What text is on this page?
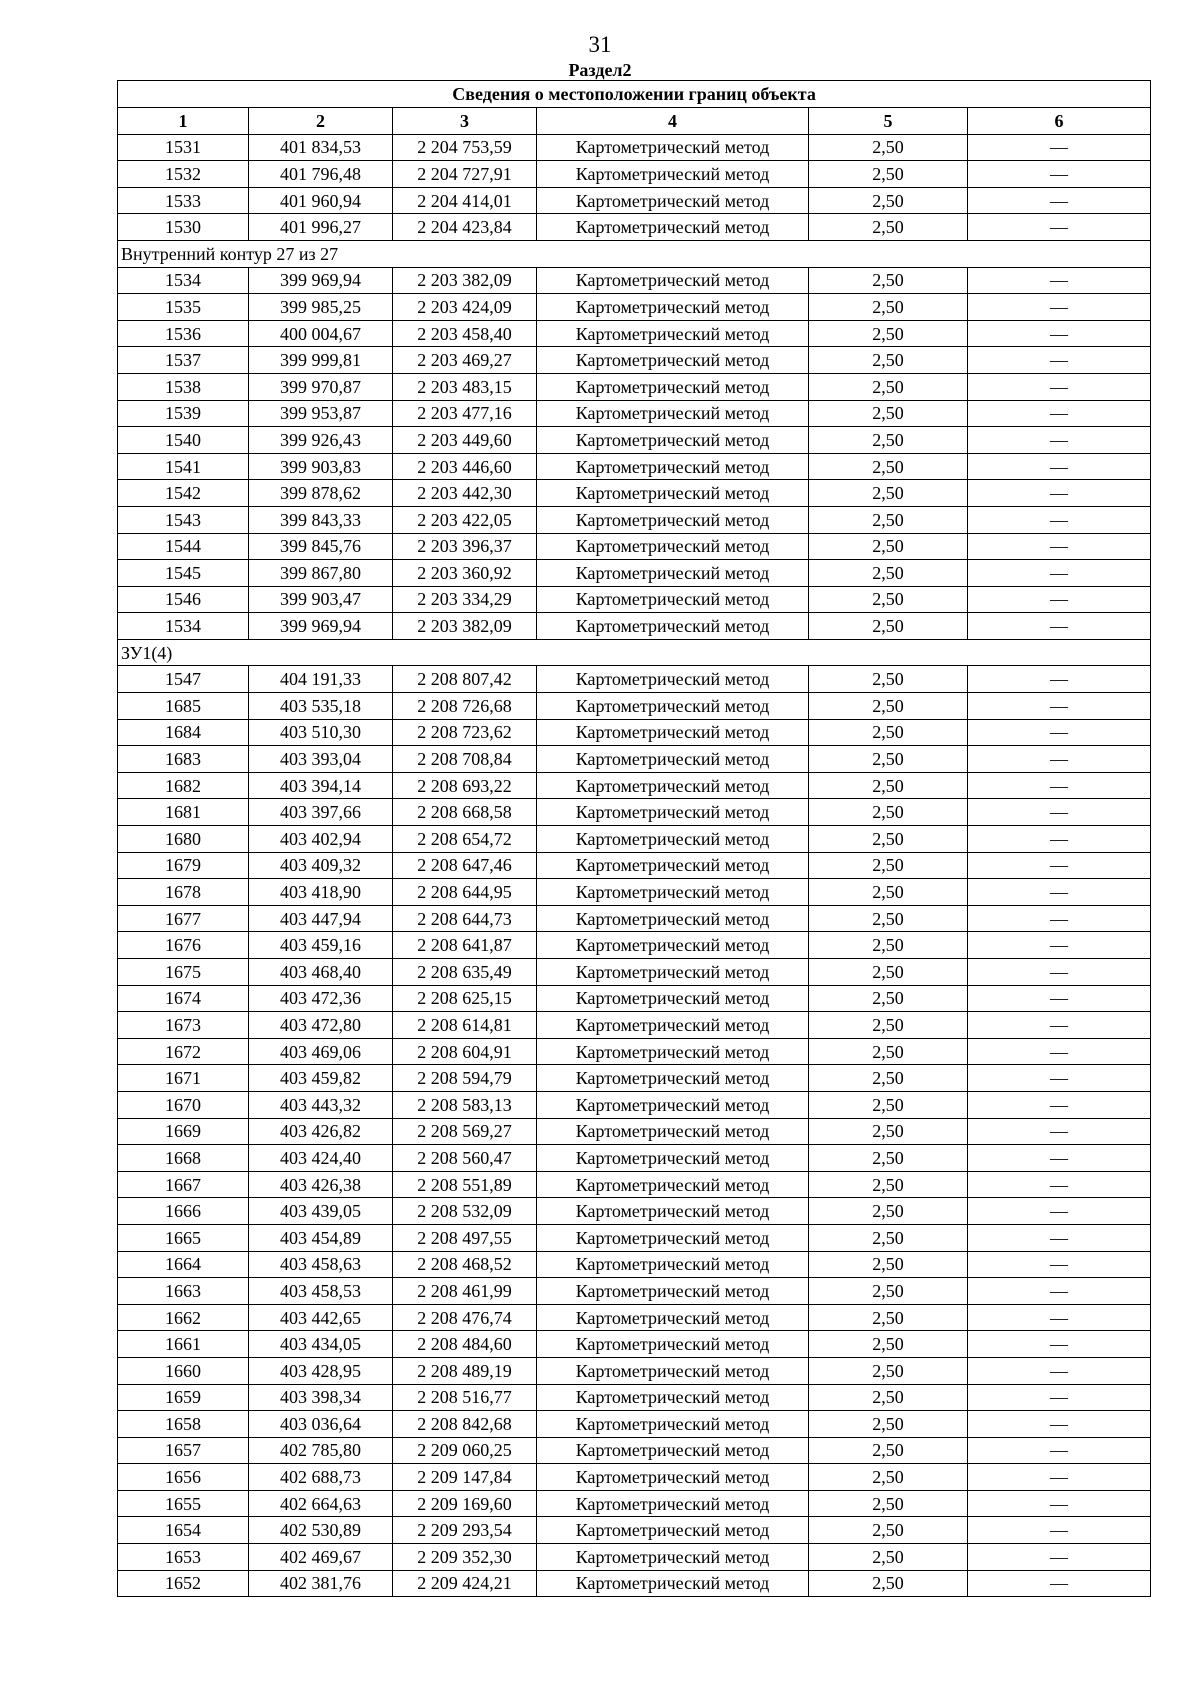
31
Раздел2
Сведения о местоположении границ объекта					
1	2	3	4	5	6
1531	401 834,53	2 204 753,59	Картометрический метод	2,50	—
1532	401 796,48	2 204 727,91	Картометрический метод	2,50	—
1533	401 960,94	2 204 414,01	Картометрический метод	2,50	—
1530	401 996,27	2 204 423,84	Картометрический метод	2,50	—
Внутренний контур 27 из 27					
1534	399 969,94	2 203 382,09	Картометрический метод	2,50	—
1535	399 985,25	2 203 424,09	Картометрический метод	2,50	—
1536	400 004,67	2 203 458,40	Картометрический метод	2,50	—
1537	399 999,81	2 203 469,27	Картометрический метод	2,50	—
1538	399 970,87	2 203 483,15	Картометрический метод	2,50	—
1539	399 953,87	2 203 477,16	Картометрический метод	2,50	—
1540	399 926,43	2 203 449,60	Картометрический метод	2,50	—
1541	399 903,83	2 203 446,60	Картометрический метод	2,50	—
1542	399 878,62	2 203 442,30	Картометрический метод	2,50	—
1543	399 843,33	2 203 422,05	Картометрический метод	2,50	—
1544	399 845,76	2 203 396,37	Картометрический метод	2,50	—
1545	399 867,80	2 203 360,92	Картометрический метод	2,50	—
1546	399 903,47	2 203 334,29	Картометрический метод	2,50	—
1534	399 969,94	2 203 382,09	Картометрический метод	2,50	—
ЗУ1(4)					
1547	404 191,33	2 208 807,42	Картометрический метод	2,50	—
1685	403 535,18	2 208 726,68	Картометрический метод	2,50	—
1684	403 510,30	2 208 723,62	Картометрический метод	2,50	—
1683	403 393,04	2 208 708,84	Картометрический метод	2,50	—
1682	403 394,14	2 208 693,22	Картометрический метод	2,50	—
1681	403 397,66	2 208 668,58	Картометрический метод	2,50	—
1680	403 402,94	2 208 654,72	Картометрический метод	2,50	—
1679	403 409,32	2 208 647,46	Картометрический метод	2,50	—
1678	403 418,90	2 208 644,95	Картометрический метод	2,50	—
1677	403 447,94	2 208 644,73	Картометрический метод	2,50	—
1676	403 459,16	2 208 641,87	Картометрический метод	2,50	—
1675	403 468,40	2 208 635,49	Картометрический метод	2,50	—
1674	403 472,36	2 208 625,15	Картометрический метод	2,50	—
1673	403 472,80	2 208 614,81	Картометрический метод	2,50	—
1672	403 469,06	2 208 604,91	Картометрический метод	2,50	—
1671	403 459,82	2 208 594,79	Картометрический метод	2,50	—
1670	403 443,32	2 208 583,13	Картометрический метод	2,50	—
1669	403 426,82	2 208 569,27	Картометрический метод	2,50	—
1668	403 424,40	2 208 560,47	Картометрический метод	2,50	—
1667	403 426,38	2 208 551,89	Картометрический метод	2,50	—
1666	403 439,05	2 208 532,09	Картометрический метод	2,50	—
1665	403 454,89	2 208 497,55	Картометрический метод	2,50	—
1664	403 458,63	2 208 468,52	Картометрический метод	2,50	—
1663	403 458,53	2 208 461,99	Картометрический метод	2,50	—
1662	403 442,65	2 208 476,74	Картометрический метод	2,50	—
1661	403 434,05	2 208 484,60	Картометрический метод	2,50	—
1660	403 428,95	2 208 489,19	Картометрический метод	2,50	—
1659	403 398,34	2 208 516,77	Картометрический метод	2,50	—
1658	403 036,64	2 208 842,68	Картометрический метод	2,50	—
1657	402 785,80	2 209 060,25	Картометрический метод	2,50	—
1656	402 688,73	2 209 147,84	Картометрический метод	2,50	—
1655	402 664,63	2 209 169,60	Картометрический метод	2,50	—
1654	402 530,89	2 209 293,54	Картометрический метод	2,50	—
1653	402 469,67	2 209 352,30	Картометрический метод	2,50	—
1652	402 381,76	2 209 424,21	Картометрический метод	2,50	—
